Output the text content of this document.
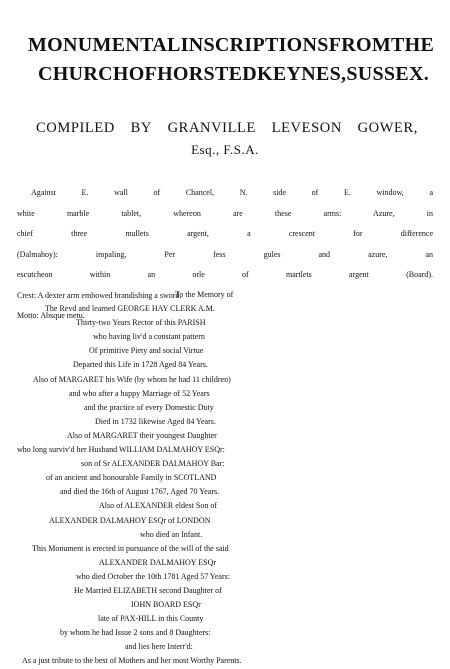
MONUMENTAL INSCRIPTIONS FROM THE
CHURCH OF HORSTED KEYNES, SUSSEX.
COMPILED BY GRANVILLE LEVESON GOWER,
Esq., F.S.A.
Against E. wall of Chancel, N. side of E. window, a
white marble tablet, whereon are these arms: Azure, in
chief three mullets argent, a crescent for difference
(Dalmahoy): impaling, Per fess gules and azure, an
escutcheon within an orle of martlets argent (Board).
Crest: A dexter arm embowed brandishing a sword.
Motto: Absque metu.
To the Memory of
The Revd and learned GEORGE HAY CLERK A.M.
Thirty-two Years Rector of this PARISH
who having liv'd a constant pattern
Of primitive Piety and social Virtue
Departed this Life in 1728 Aged 84 Years.
Also of MARGARET his Wife (by whom he had 11 children)
and who after a happy Marriage of 52 Years
and the practice of every Domestic Duty
Died in 1732 likewise Aged 84 Years.
Also of MARGARET their youngest Daughter
who long surviv'd her Husband WILLIAM DALMAHOY ESQr:
son of Sr ALEXANDER DALMAHOY Bar:
of an ancient and honourable Family in SCOTLAND
and died the 16th of August 1767, Aged 70 Years.
Also of ALEXANDER eldest Son of
ALEXANDER DALMAHOY ESQr of LONDON
who died an Infant.
This Monument is erected in pursuance of the will of the said
ALEXANDER DALMAHOY ESQr
who died October the 10th 1781 Aged 57 Years:
He Married ELIZABETH second Daughter of
IOHN BOARD ESQr
late of PAX-HILL in this County
by whom he had Issue 2 sons and 8 Daughters:
and lies here Interr'd:
As a just tribute to the best of Mothers and her most Worthy Parents.
